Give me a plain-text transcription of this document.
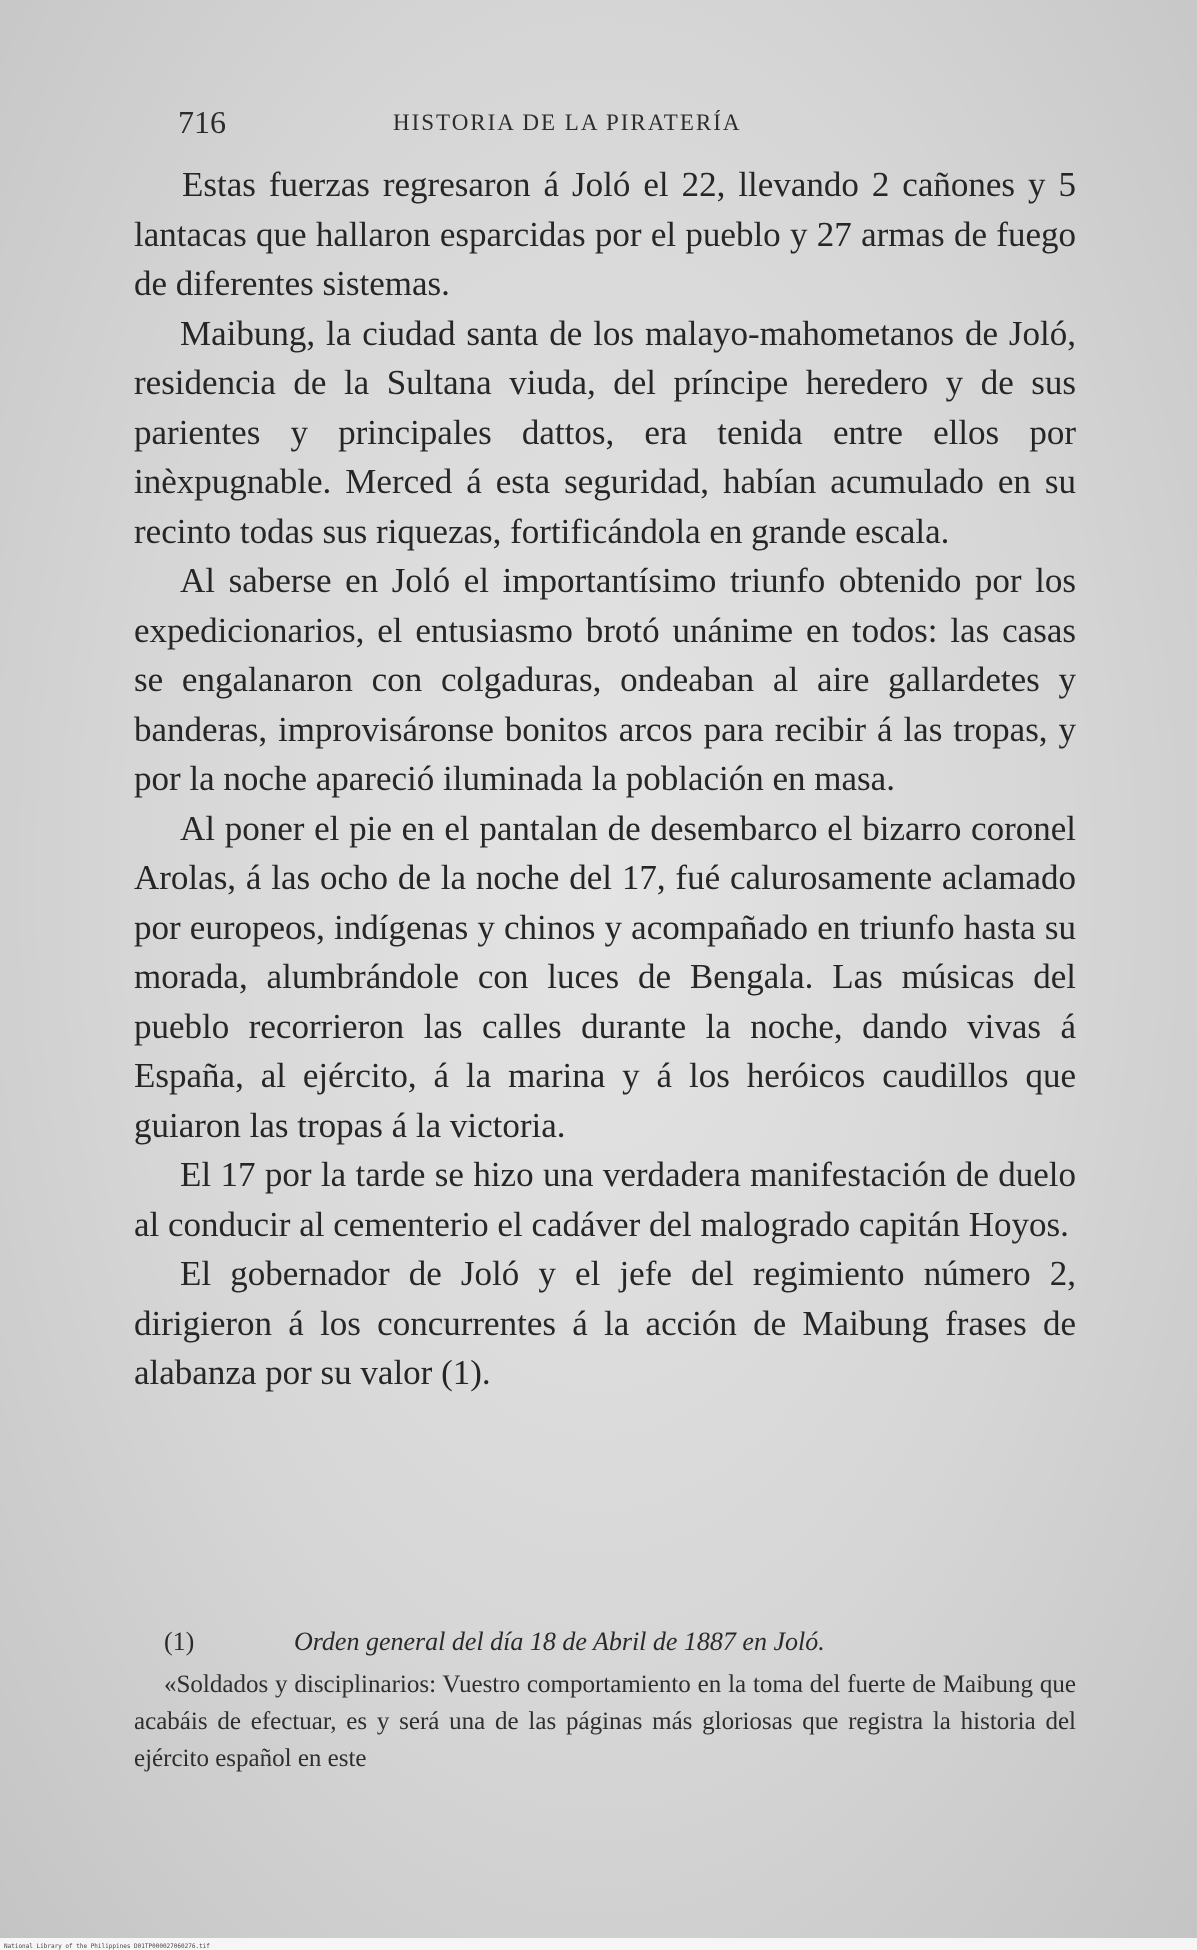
716	HISTORIA DE LA PIRATERÍA

Estas fuerzas regresaron á Joló el 22, llevando 2 cañones y 5 lantacas que hallaron esparcidas por el pueblo y 27 armas de fuego de diferentes sistemas.

Maibung, la ciudad santa de los malayo-mahometanos de Joló, residencia de la Sultana viuda, del príncipe heredero y de sus parientes y principales dattos, era tenida entre ellos por inèxpugnable. Merced á esta seguridad, habían acumulado en su recinto todas sus riquezas, fortificándola en grande escala.

Al saberse en Joló el importantísimo triunfo obtenido por los expedicionarios, el entusiasmo brotó unánime en todos: las casas se engalanaron con colgaduras, ondeaban al aire gallardetes y banderas, improvisáronse bonitos arcos para recibir á las tropas, y por la noche apareció iluminada la población en masa.

Al poner el pie en el pantalan de desembarco el bizarro coronel Arolas, á las ocho de la noche del 17, fué calurosamente aclamado por europeos, indígenas y chinos y acompañado en triunfo hasta su morada, alumbrándole con luces de Bengala. Las músicas del pueblo recorrieron las calles durante la noche, dando vivas á España, al ejército, á la marina y á los heróicos caudillos que guiaron las tropas á la victoria.

El 17 por la tarde se hizo una verdadera manifestación de duelo al conducir al cementerio el cadáver del malogrado capitán Hoyos.

El gobernador de Joló y el jefe del regimiento número 2, dirigieron á los concurrentes á la acción de Maibung frases de alabanza por su valor (1).

(1)	Orden general del día 18 de Abril de 1887 en Joló.

«Soldados y disciplinarios: Vuestro comportamiento en la toma del fuerte de Maibung que acabáis de efectuar, es y será una de las páginas más gloriosas que registra la historia del ejército español en este

National Library of the Philippines D01TP000027060276.tif
